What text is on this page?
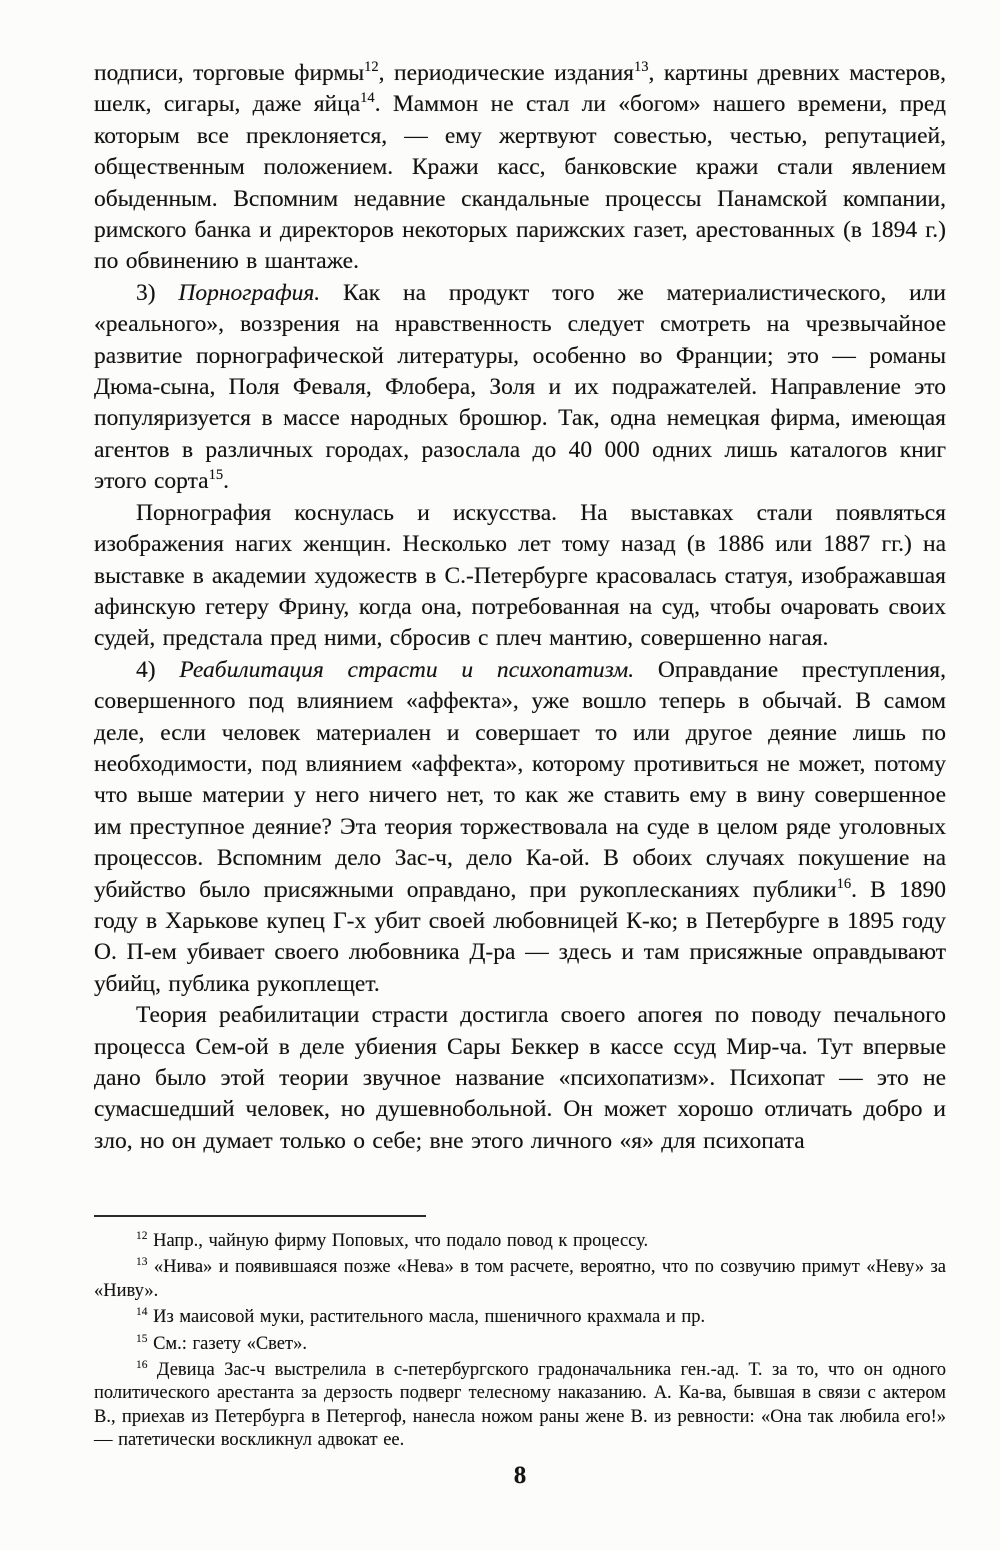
подписи, торговые фирмы$^{12}$, периодические издания$^{13}$, картины древних мастеров, шелк, сигары, даже яйца$^{14}$. Маммон не стал ли «богом» нашего времени, пред которым все преклоняется, — ему жертвуют совестью, честью, репутацией, общественным положением. Кражи касс, банковские кражи стали явлением обыденным. Вспомним недавние скандальные процессы Панамской компании, римского банка и директоров некоторых парижских газет, арестованных (в 1894 г.) по обвинению в шантаже.

3) Порнография. Как на продукт того же материалистического, или «реального», воззрения на нравственность следует смотреть на чрезвычайное развитие порнографической литературы, особенно во Франции; это — романы Дюма-сына, Поля Феваля, Флобера, Золя и их подражателей. Направление это популяризуется в массе народных брошюр. Так, одна немецкая фирма, имеющая агентов в различных городах, разослала до 40 000 одних лишь каталогов книг этого сорта$^{15}$.

Порнография коснулась и искусства. На выставках стали появляться изображения нагих женщин. Несколько лет тому назад (в 1886 или 1887 гг.) на выставке в академии художеств в С.-Петербурге красовалась статуя, изображавшая афинскую гетеру Фрину, когда она, потребованная на суд, чтобы очаровать своих судей, предстала пред ними, сбросив с плеч мантию, совершенно нагая.

4) Реабилитация страсти и психопатизм. Оправдание преступления, совершенного под влиянием «аффекта», уже вошло теперь в обычай. В самом деле, если человек материален и совершает то или другое деяние лишь по необходимости, под влиянием «аффекта», которому противиться не может, потому что выше материи у него ничего нет, то как же ставить ему в вину совершенное им преступное деяние? Эта теория торжествовала на суде в целом ряде уголовных процессов. Вспомним дело Зас-ч, дело Ка-ой. В обоих случаях покушение на убийство было присяжными оправдано, при рукоплесканиях публики$^{16}$. В 1890 году в Харькове купец Г-х убит своей любовницей К-ко; в Петербурге в 1895 году О. П-ем убивает своего любовника Д-ра — здесь и там присяжные оправдывают убийц, публика рукоплещет.

Теория реабилитации страсти достигла своего апогея по поводу печального процесса Сем-ой в деле убиения Сары Беккер в кассе ссуд Мир-ча. Тут впервые дано было этой теории звучное название «психопатизм». Психопат — это не сумасшедший человек, но душевнобольной. Он может хорошо отличать добро и зло, но он думает только о себе; вне этого личного «я» для психопата

$^{12}$ Напр., чайную фирму Поповых, что подало повод к процессу.

$^{13}$ «Нива» и появившаяся позже «Нева» в том расчете, вероятно, что по созвучию примут «Неву» за «Ниву».

$^{14}$ Из маисовой муки, растительного масла, пшеничного крахмала и пр.

$^{15}$ См.: газету «Свет».

$^{16}$ Девица Зас-ч выстрелила в с-петербургского градоначальника ген.-ад. Т. за то, что он одного политического арестанта за дерзость подверг телесному наказанию. А. Ка-ва, бывшая в связи с актером В., приехав из Петербурга в Петергоф, нанесла ножом раны жене В. из ревности: «Она так любила его!» — патетически воскликнул адвокат ее.

8
